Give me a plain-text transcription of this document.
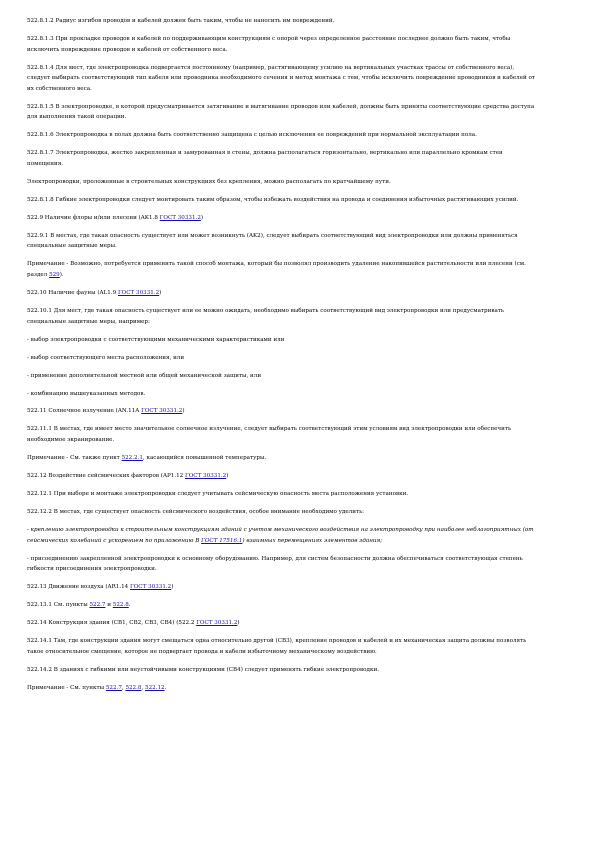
522.8.1.2 Радиус изгибов проводов и кабелей должен быть таким, чтобы не наносить им повреждений.

522.8.1.3 При прокладке проводов и кабелей по поддерживающим конструкциям с опорой через определенное расстояние последнее должно быть таким, чтобы исключить повреждение проводов и кабелей от собственного веса.

522.8.1.4 Для мест, где электропроводка подвергается постоянному (например, растягивающему усилию на вертикальных участках трассы от собственного веса), следует выбирать соответствующий тип кабеля или проводника необходимого сечения и метод монтажа с тем, чтобы исключить повреждение проводников и кабелей от их собственного веса.

522.8.1.5 В электропроводке, в которой предусматривается затягивание и вытягивание проводов или кабелей, должны быть приняты соответствующие средства доступа для выполнения такой операции.

522.8.1.6 Электропроводка в полах должна быть соответственно защищена с целью исключения ее повреждений при нормальной эксплуатации пола.

522.8.1.7 Электропроводка, жестко закрепленная и замурованная в стены, должна располагаться горизонтально, вертикально или параллельно кромкам стен помещения.

Электропроводки, проложенные в строительных конструкциях без крепления, можно располагать по кратчайшему пути.

522.8.1.8 Гибкие электропроводки следует монтировать таким образом, чтобы избежать воздействия на провода и соединения избыточных растягивающих усилий.

522.9 Наличие флоры и/или плесени (AK1.8 ГОСТ 30331.2)

522.9.1 В местах, где такая опасность существует или может возникнуть (AK2), следует выбирать соответствующий вид электропроводки или должны применяться специальные защитные меры.

Примечание - Возможно, потребуется применить такой способ монтажа, который бы позволял производить удаление накопившейся растительности или плесени (см. раздел 529).

522.10 Наличие фауны (AL1.9 ГОСТ 30331.2)

522.10.1 Для мест, где такая опасность существует или ее можно ожидать, необходимо выбирать соответствующий вид электропроводки или предусматривать специальные защитные меры, например:

- выбор электропроводки с соответствующими механическими характеристиками или

- выбор соответствующего места расположения, или

- применение дополнительной местной или общей механической защиты, или

- комбинацию вышеуказанных методов.

522.11 Солнечное излучение (AN.11A ГОСТ 30331.2)

522.11.1 В местах, где имеет место значительное солнечное излучение, следует выбирать соответствующий этим условиям вид электропроводки или обеспечить необходимое экранирование.

Примечание - См. также пункт 522.2.1, касающийся повышенной температуры.

522.12 Воздействие сейсмических факторов (AP1.12 ГОСТ 30331.2)

522.12.1 При выборе и монтаже электропроводки следует учитывать сейсмическую опасность места расположения установки.

522.12.2 В местах, где существует опасность сейсмического воздействия, особое внимание необходимо уделить:

- креплению электропроводки к строительным конструкциям зданий с учетом механического воздействия на электропроводку при наиболее неблагоприятных (от сейсмических колебаний с ускорением по приложению B ГОСТ 17516.1) взаимных перемещениях элементов здания;

- присоединению закрепленной электропроводки к основному оборудованию. Например, для систем безопасности должна обеспечиваться соответствующая степень гибкости присоединения электропроводки.

522.13 Движение воздуха (AR1.14 ГОСТ 30331.2)

522.13.1 См. пункты 522.7 и 522.8.

522.14 Конструкция здания (CB1, CB2, CB3, CB4) (522.2 ГОСТ 30331.2)

522.14.1 Там, где конструкции здания могут смещаться одна относительно другой (CB3), крепление проводов и кабелей и их механическая защита должны позволять такое относительное смещение, которое не подвергает провода и кабели избыточному механическому воздействию.

522.14.2 В зданиях с гибкими или неустойчивыми конструкциями (CB4) следует применять гибкие электропроводки.

Примечание - См. пункты 522.7, 522.8, 522.12.
